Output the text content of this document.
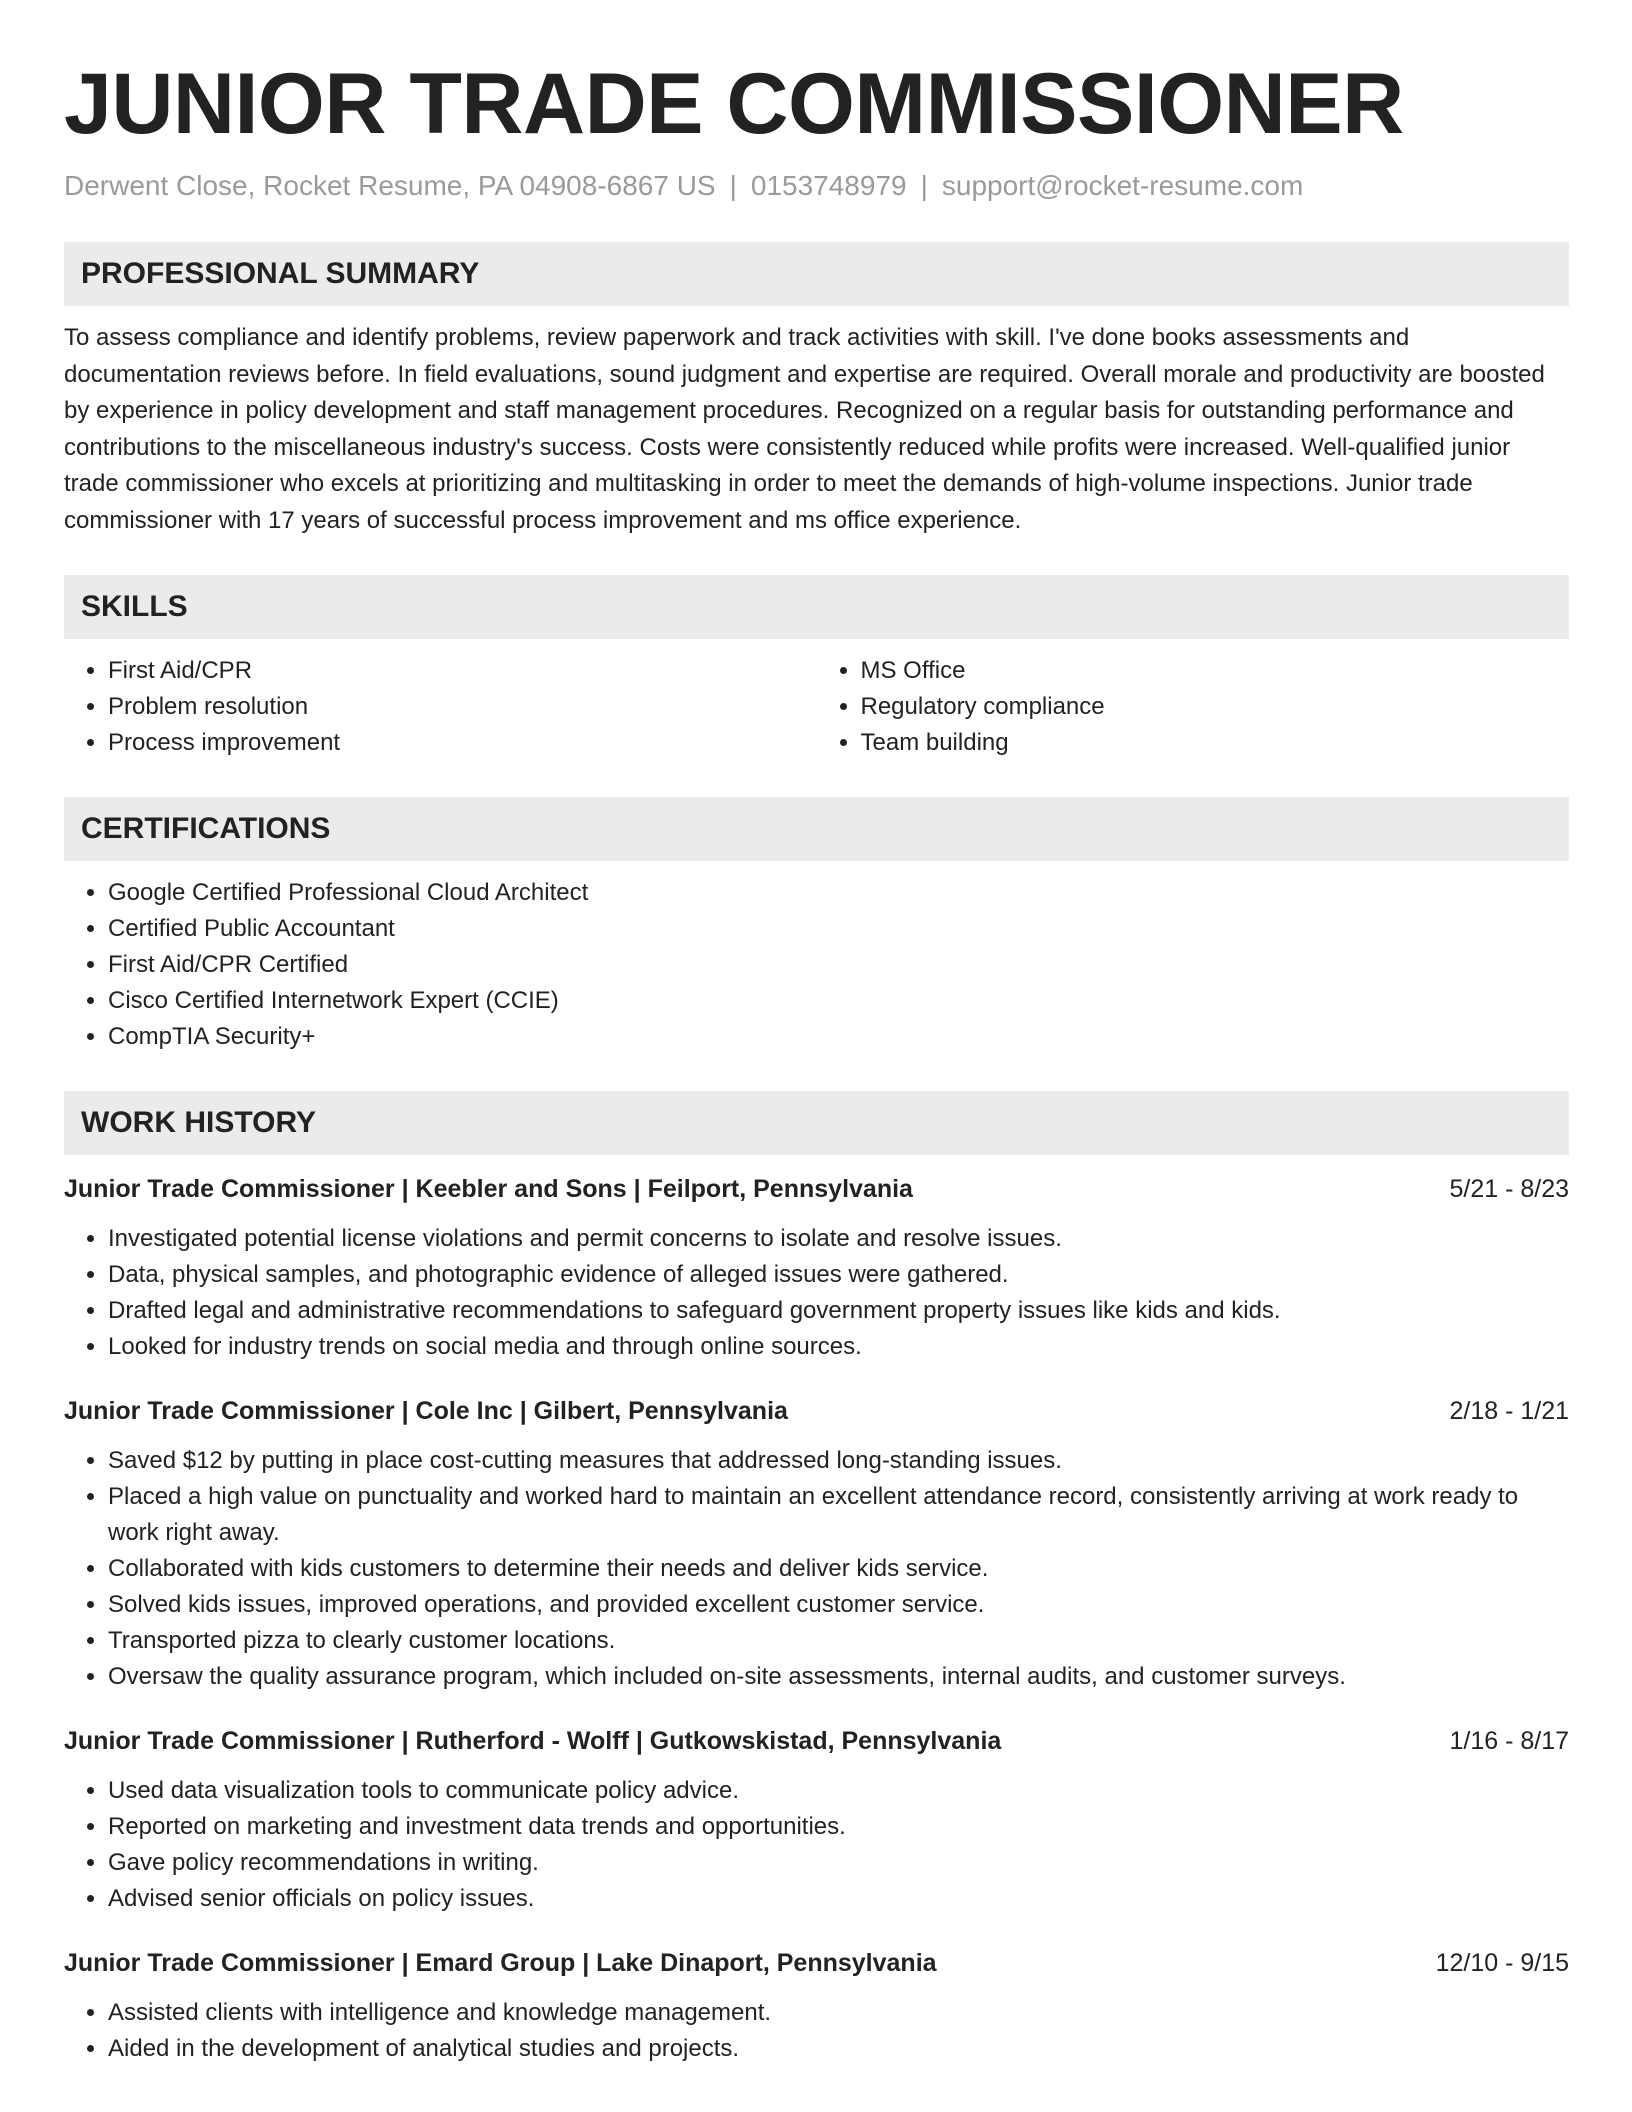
JUNIOR TRADE COMMISSIONER
Derwent Close, Rocket Resume, PA 04908-6867 US | 0153748979 | support@rocket-resume.com
PROFESSIONAL SUMMARY
To assess compliance and identify problems, review paperwork and track activities with skill. I've done books assessments and documentation reviews before. In field evaluations, sound judgment and expertise are required. Overall morale and productivity are boosted by experience in policy development and staff management procedures. Recognized on a regular basis for outstanding performance and contributions to the miscellaneous industry's success. Costs were consistently reduced while profits were increased. Well-qualified junior trade commissioner who excels at prioritizing and multitasking in order to meet the demands of high-volume inspections. Junior trade commissioner with 17 years of successful process improvement and ms office experience.
SKILLS
• First Aid/CPR
• Problem resolution
• Process improvement
• MS Office
• Regulatory compliance
• Team building
CERTIFICATIONS
• Google Certified Professional Cloud Architect
• Certified Public Accountant
• First Aid/CPR Certified
• Cisco Certified Internetwork Expert (CCIE)
• CompTIA Security+
WORK HISTORY
Junior Trade Commissioner | Keebler and Sons | Feilport, Pennsylvania	5/21 - 8/23
• Investigated potential license violations and permit concerns to isolate and resolve issues.
• Data, physical samples, and photographic evidence of alleged issues were gathered.
• Drafted legal and administrative recommendations to safeguard government property issues like kids and kids.
• Looked for industry trends on social media and through online sources.
Junior Trade Commissioner | Cole Inc | Gilbert, Pennsylvania	2/18 - 1/21
• Saved $12 by putting in place cost-cutting measures that addressed long-standing issues.
• Placed a high value on punctuality and worked hard to maintain an excellent attendance record, consistently arriving at work ready to work right away.
• Collaborated with kids customers to determine their needs and deliver kids service.
• Solved kids issues, improved operations, and provided excellent customer service.
• Transported pizza to clearly customer locations.
• Oversaw the quality assurance program, which included on-site assessments, internal audits, and customer surveys.
Junior Trade Commissioner | Rutherford - Wolff | Gutkowskistad, Pennsylvania	1/16 - 8/17
• Used data visualization tools to communicate policy advice.
• Reported on marketing and investment data trends and opportunities.
• Gave policy recommendations in writing.
• Advised senior officials on policy issues.
Junior Trade Commissioner | Emard Group | Lake Dinaport, Pennsylvania	12/10 - 9/15
• Assisted clients with intelligence and knowledge management.
• Aided in the development of analytical studies and projects.
